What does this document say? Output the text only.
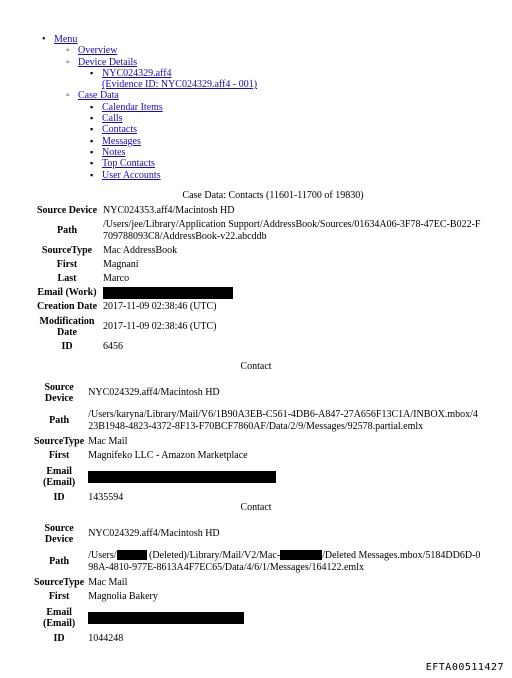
• Menu
◦ Overview
◦ Device Details
▪ NYC024329.aff4
(Evidence ID: NYC024329.aff4 - 001)
◦ Case Data
▪ Calendar Items
▪ Calls
▪ Contacts
▪ Messages
▪ Notes
▪ Top Contacts
▪ User Accounts
Case Data: Contacts (11601-11700 of 19830)
Source Device	NYC024353.aff4/Macintosh HD
Path	/Users/jee/Library/Application Support/AddressBook/Sources/01634A06-3F78-47EC-B022-F
709788093C8/AddressBook-v22.abcddb
SourceType	Mac AddressBook
First	Magnani
Last	Marco
Email (Work)	
Creation Date	2017-11-09 02:38:46 (UTC)
Modification
Date	2017-11-09 02:38:46 (UTC)
ID	6456
Contact
Source
Device	NYC024329.aff4/Macintosh HD
Path	/Users/karyna/Library/Mail/V6/1B90A3EB-C561-4DB6-A847-27A656F13C1A/INBOX.mbox/4
23B1948-4823-4372-8F13-F70BCF7860AF/Data/2/9/Messages/92578.partial.emlx
SourceType	Mac Mail
First	Magnifeko LLC - Amazon Marketplace
Email
(Email)	
ID	1435594
Contact
Source
Device	NYC024329.aff4/Macintosh HD
Path	/Users/ (Deleted)/Library/Mail/V2/Mac- /Deleted Messages.mbox/5184DD6D-0
98A-4810-977E-8613A4F7EC65/Data/4/6/1/Messages/164122.emlx
SourceType	Mac Mail
First	Magnolia Bakery
Email
(Email)	
ID	1044248
EFTA00511427
